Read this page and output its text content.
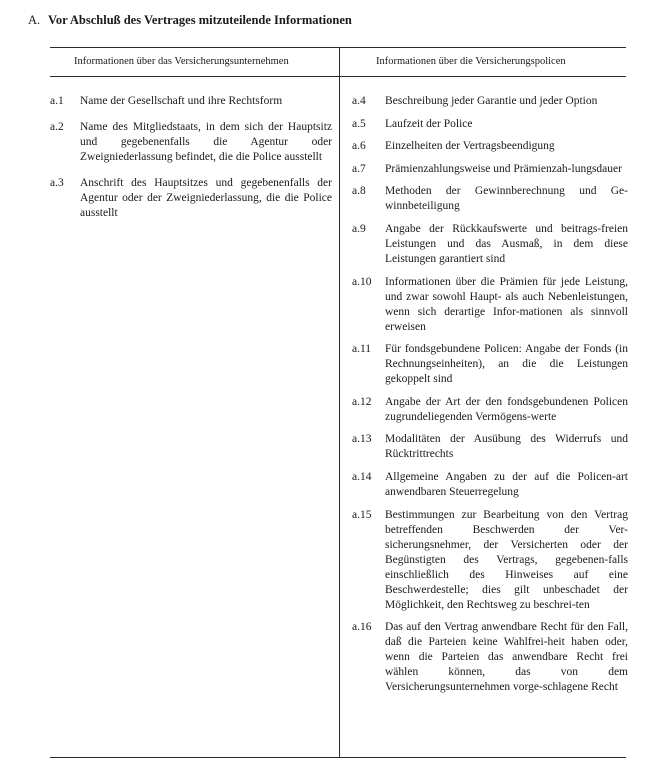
A. Vor Abschluß des Vertrages mitzuteilende Informationen
Informationen über das Versicherungsunternehmen	Informationen über die Versicherungspolicen
a.1	Name der Gesellschaft und ihre Rechtsform
a.2	Name des Mitgliedstaats, in dem sich der Hauptsitz und gegebenenfalls die Agentur oder Zweigniederlassung befindet, die die Police ausstellt
a.3	Anschrift des Hauptsitzes und gegebenenfalls der Agentur oder der Zweigniederlassung, die die Police ausstellt
a.4	Beschreibung jeder Garantie und jeder Option
a.5	Laufzeit der Police
a.6	Einzelheiten der Vertragsbeendigung
a.7	Prämienzahlungsweise und Prämienzah-lungsdauer
a.8	Methoden der Gewinnberechnung und Ge-winnbeteiligung
a.9	Angabe der Rückkaufswerte und beitrags-freien Leistungen und das Ausmaß, in dem diese Leistungen garantiert sind
a.10	Informationen über die Prämien für jede Leistung, und zwar sowohl Haupt- als auch Nebenleistungen, wenn sich derartige Infor-mationen als sinnvoll erweisen
a.11	Für fondsgebundene Policen: Angabe der Fonds (in Rechnungseinheiten), an die die Leistungen gekoppelt sind
a.12	Angabe der Art der den fondsgebundenen Policen zugrundeliegenden Vermögens-werte
a.13	Modalitäten der Ausübung des Widerrufs und Rücktrittrechts
a.14	Allgemeine Angaben zu der auf die Policen-art anwendbaren Steuerregelung
a.15	Bestimmungen zur Bearbeitung von den Vertrag betreffenden Beschwerden der Ver-sicherungsnehmer, der Versicherten oder der Begünstigten des Vertrags, gegebenen-falls einschließlich des Hinweises auf eine Beschwerdestelle; dies gilt unbeschadet der Möglichkeit, den Rechtsweg zu beschrei-ten
a.16	Das auf den Vertrag anwendbare Recht für den Fall, daß die Parteien keine Wahlfrei-heit haben oder, wenn die Parteien das anwendbare Recht frei wählen können, das von dem Versicherungsunternehmen vorge-schlagene Recht
